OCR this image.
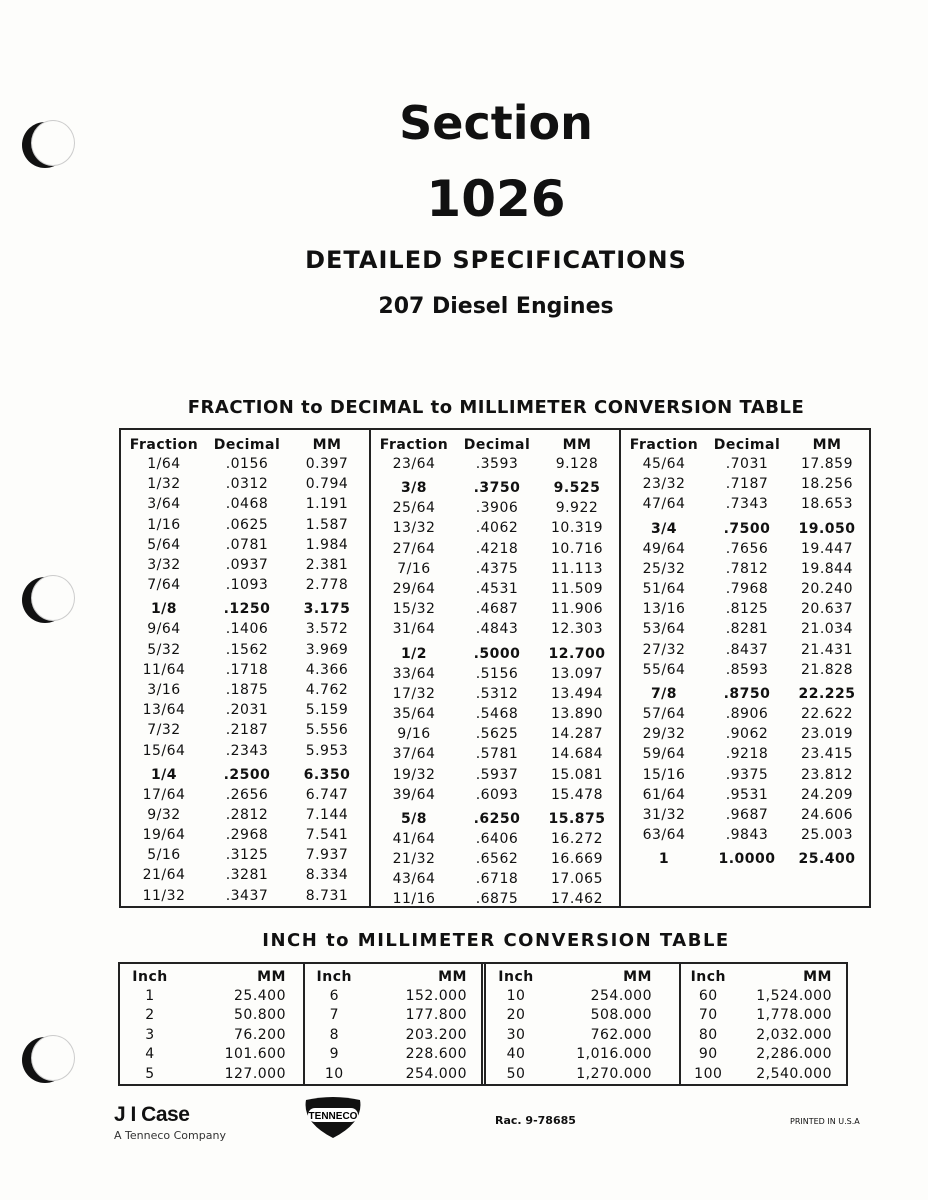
Section
1026
DETAILED SPECIFICATIONS
207 Diesel Engines
FRACTION to DECIMAL to MILLIMETER CONVERSION TABLE
Fraction	Decimal	MM
1/64	.0156	0.397
1/32	.0312	0.794
3/64	.0468	1.191
1/16	.0625	1.587
5/64	.0781	1.984
3/32	.0937	2.381
7/64	.1093	2.778
1/8	.1250	3.175
9/64	.1406	3.572
5/32	.1562	3.969
11/64	.1718	4.366
3/16	.1875	4.762
13/64	.2031	5.159
7/32	.2187	5.556
15/64	.2343	5.953
1/4	.2500	6.350
17/64	.2656	6.747
9/32	.2812	7.144
19/64	.2968	7.541
5/16	.3125	7.937
21/64	.3281	8.334
11/32	.3437	8.731
Fraction	Decimal	MM
23/64	.3593	9.128
3/8	.3750	9.525
25/64	.3906	9.922
13/32	.4062	10.319
27/64	.4218	10.716
7/16	.4375	11.113
29/64	.4531	11.509
15/32	.4687	11.906
31/64	.4843	12.303
1/2	.5000	12.700
33/64	.5156	13.097
17/32	.5312	13.494
35/64	.5468	13.890
9/16	.5625	14.287
37/64	.5781	14.684
19/32	.5937	15.081
39/64	.6093	15.478
5/8	.6250	15.875
41/64	.6406	16.272
21/32	.6562	16.669
43/64	.6718	17.065
11/16	.6875	17.462
Fraction	Decimal	MM
45/64	.7031	17.859
23/32	.7187	18.256
47/64	.7343	18.653
3/4	.7500	19.050
49/64	.7656	19.447
25/32	.7812	19.844
51/64	.7968	20.240
13/16	.8125	20.637
53/64	.8281	21.034
27/32	.8437	21.431
55/64	.8593	21.828
7/8	.8750	22.225
57/64	.8906	22.622
29/32	.9062	23.019
59/64	.9218	23.415
15/16	.9375	23.812
61/64	.9531	24.209
31/32	.9687	24.606
63/64	.9843	25.003
1	1.0000	25.400
INCH to MILLIMETER CONVERSION TABLE
Inch	MM
1	25.400
2	50.800
3	76.200
4	101.600
5	127.000
Inch	MM
6	152.000
7	177.800
8	203.200
9	228.600
10	254.000
Inch	MM
10	254.000
20	508.000
30	762.000
40	1,016.000
50	1,270.000
Inch	MM
60	1,524.000
70	1,778.000
80	2,032.000
90	2,286.000
100	2,540.000
J I Case
A Tenneco Company
TENNECO	Rac. 9-78685	PRINTED IN U.S.A
